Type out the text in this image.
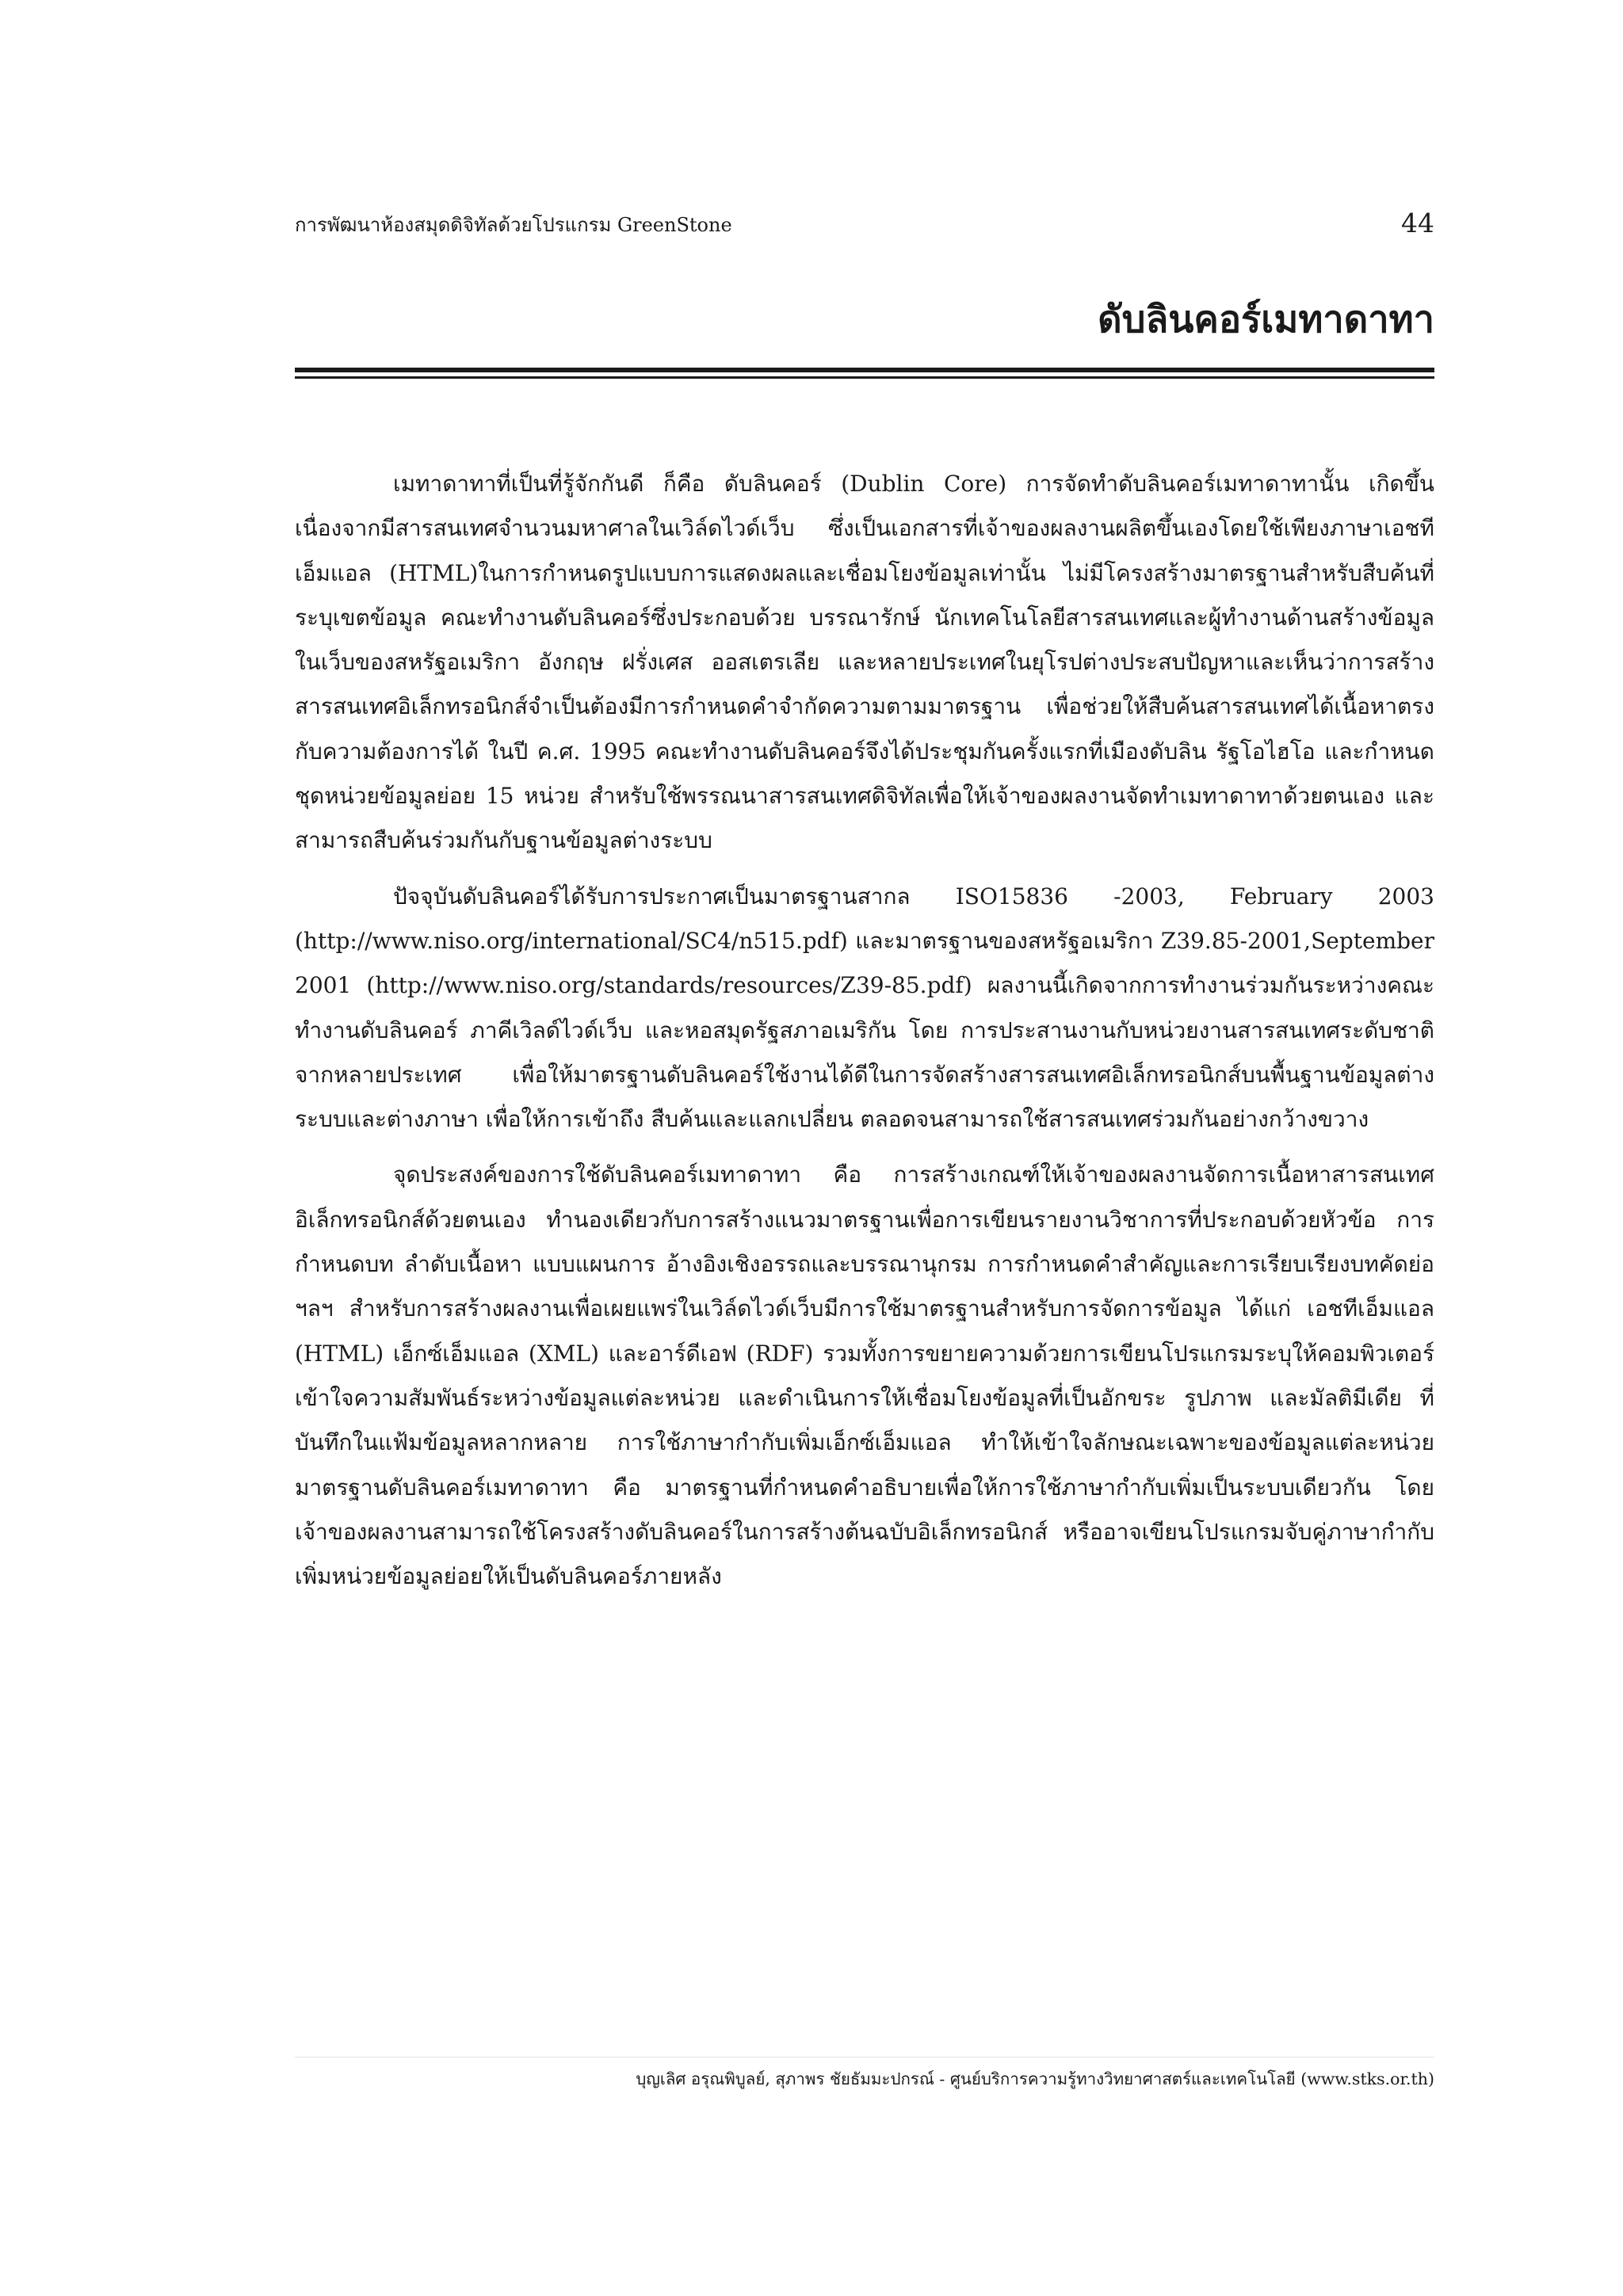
การพัฒนาห้องสมุดดิจิทัลด้วยโปรแกรม GreenStone	44
ดับลินคอร์เมทาดาทา

เมทาดาทาที่เป็นที่รู้จักกันดี ก็คือ ดับลินคอร์ (Dublin Core) การจัดทำดับลินคอร์เมทาดาทานั้น เกิดขึ้นเนื่องจากมีสารสนเทศจำนวนมหาศาลในเวิล์ดไวด์เว็บ ซึ่งเป็นเอกสารที่เจ้าของผลงานผลิตขึ้นเองโดยใช้เพียงภาษาเอชทีเอ็มแอล (HTML)ในการกำหนดรูปแบบการแสดงผลและเชื่อมโยงข้อมูลเท่านั้น ไม่มีโครงสร้างมาตรฐานสำหรับสืบค้นที่ระบุเขตข้อมูล คณะทำงานดับลินคอร์ซึ่งประกอบด้วย บรรณารักษ์ นักเทคโนโลยีสารสนเทศและผู้ทำงานด้านสร้างข้อมูลในเว็บของสหรัฐอเมริกา อังกฤษ ฝรั่งเศส ออสเตรเลีย และหลายประเทศในยุโรปต่างประสบปัญหาและเห็นว่าการสร้างสารสนเทศอิเล็กทรอนิกส์จำเป็นต้องมีการกำหนดคำจำกัดความตามมาตรฐาน เพื่อช่วยให้สืบค้นสารสนเทศได้เนื้อหาตรงกับความต้องการได้ ในปี ค.ศ. 1995 คณะทำงานดับลินคอร์จึงได้ประชุมกันครั้งแรกที่เมืองดับลิน รัฐโอไฮโอ และกำหนดชุดหน่วยข้อมูลย่อย 15 หน่วย สำหรับใช้พรรณนาสารสนเทศดิจิทัลเพื่อให้เจ้าของผลงานจัดทำเมทาดาทาด้วยตนเอง และสามารถสืบค้นร่วมกันกับฐานข้อมูลต่างระบบ

ปัจจุบันดับลินคอร์ได้รับการประกาศเป็นมาตรฐานสากล ISO15836 -2003, February 2003 (http://www.niso.org/international/SC4/n515.pdf) และมาตรฐานของสหรัฐอเมริกา Z39.85-2001,September 2001 (http://www.niso.org/standards/resources/Z39-85.pdf) ผลงานนี้เกิดจากการทำงานร่วมกันระหว่างคณะทำงานดับลินคอร์ ภาคีเวิลด์ไวด์เว็บ และหอสมุดรัฐสภาอเมริกัน โดย การประสานงานกับหน่วยงานสารสนเทศระดับชาติจากหลายประเทศ เพื่อให้มาตรฐานดับลินคอร์ใช้งานได้ดีในการจัดสร้างสารสนเทศอิเล็กทรอนิกส์บนพื้นฐานข้อมูลต่างระบบและต่างภาษา เพื่อให้การเข้าถึง สืบค้นและแลกเปลี่ยน ตลอดจนสามารถใช้สารสนเทศร่วมกันอย่างกว้างขวาง

จุดประสงค์ของการใช้ดับลินคอร์เมทาดาทา คือ การสร้างเกณฑ์ให้เจ้าของผลงานจัดการเนื้อหาสารสนเทศอิเล็กทรอนิกส์ด้วยตนเอง ทำนองเดียวกับการสร้างแนวมาตรฐานเพื่อการเขียนรายงานวิชาการที่ประกอบด้วยหัวข้อ การกำหนดบท ลำดับเนื้อหา แบบแผนการ อ้างอิงเชิงอรรถและบรรณานุกรม การกำหนดคำสำคัญและการเรียบเรียงบทคัดย่อ ฯลฯ สำหรับการสร้างผลงานเพื่อเผยแพร่ในเวิล์ดไวด์เว็บมีการใช้มาตรฐานสำหรับการจัดการข้อมูล ได้แก่ เอชทีเอ็มแอล (HTML) เอ็กซ์เอ็มแอล (XML) และอาร์ดีเอฟ (RDF) รวมทั้งการขยายความด้วยการเขียนโปรแกรมระบุให้คอมพิวเตอร์เข้าใจความสัมพันธ์ระหว่างข้อมูลแต่ละหน่วย และดำเนินการให้เชื่อมโยงข้อมูลที่เป็นอักขระ รูปภาพ และมัลติมีเดีย ที่บันทึกในแฟ้มข้อมูลหลากหลาย การใช้ภาษากำกับเพิ่มเอ็กซ์เอ็มแอล ทำให้เข้าใจลักษณะเฉพาะของข้อมูลแต่ละหน่วย มาตรฐานดับลินคอร์เมทาดาทา คือ มาตรฐานที่กำหนดคำอธิบายเพื่อให้การใช้ภาษากำกับเพิ่มเป็นระบบเดียวกัน โดยเจ้าของผลงานสามารถใช้โครงสร้างดับลินคอร์ในการสร้างต้นฉบับอิเล็กทรอนิกส์ หรืออาจเขียนโปรแกรมจับคู่ภาษากำกับเพิ่มหน่วยข้อมูลย่อยให้เป็นดับลินคอร์ภายหลัง

บุญเลิศ อรุณพิบูลย์, สุภาพร ชัยธัมมะปกรณ์ - ศูนย์บริการความรู้ทางวิทยาศาสตร์และเทคโนโลยี (www.stks.or.th)
